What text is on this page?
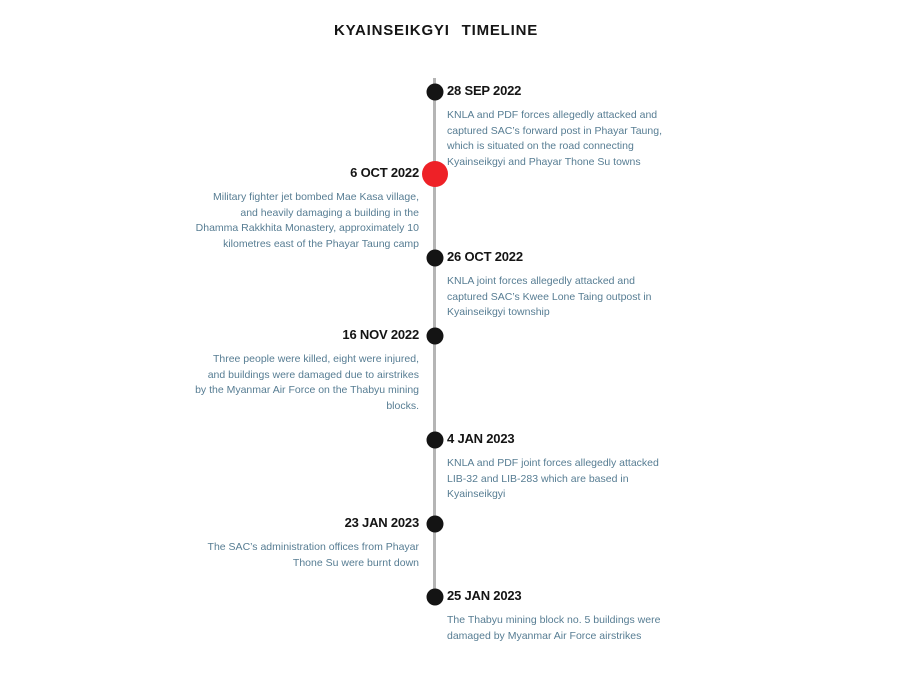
KYAINSEIKGYI TIMELINE
28 SEP 2022
KNLA and PDF forces allegedly attacked and captured SAC’s forward post in Phayar Taung, which is situated on the road connecting Kyainseikgyi and Phayar Thone Su towns
6 OCT 2022
Military fighter jet bombed Mae Kasa village, and heavily damaging a building in the Dhamma Rakkhita Monastery, approximately 10 kilometres east of the Phayar Taung camp
26 OCT 2022
KNLA joint forces allegedly attacked and captured SAC’s Kwee Lone Taing outpost in Kyainseikgyi township
16 NOV 2022
Three people were killed, eight were injured, and buildings were damaged due to airstrikes by the Myanmar Air Force on the Thabyu mining blocks.
4 JAN 2023
KNLA and PDF joint forces allegedly attacked LIB-32 and LIB-283 which are based in Kyainseikgyi
23 JAN 2023
The SAC’s administration offices from Phayar Thone Su were burnt down
25 JAN 2023
The Thabyu mining block no. 5 buildings were damaged by Myanmar Air Force airstrikes
